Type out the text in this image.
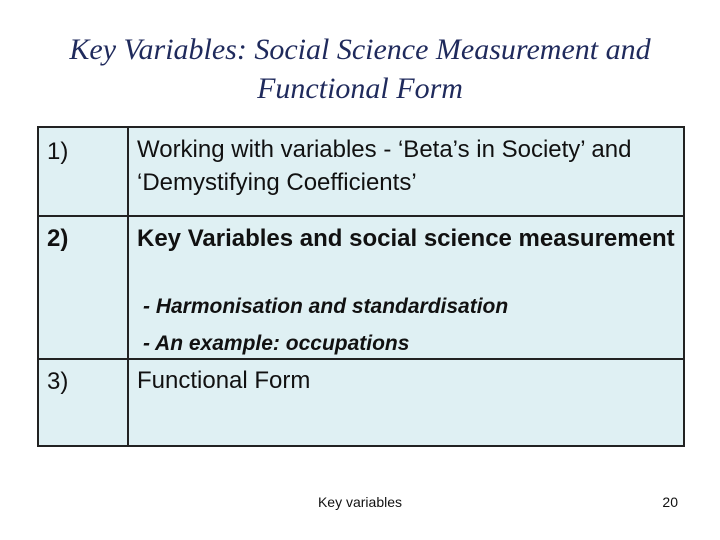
Key Variables: Social Science Measurement and Functional Form
1)	Working with variables - ‘Beta’s in Society’ and ‘Demystifying Coefficients’
2)	Key Variables and social science measurement
- Harmonisation and standardisation
- An example: occupations
3)	Functional Form
Key variables	20
